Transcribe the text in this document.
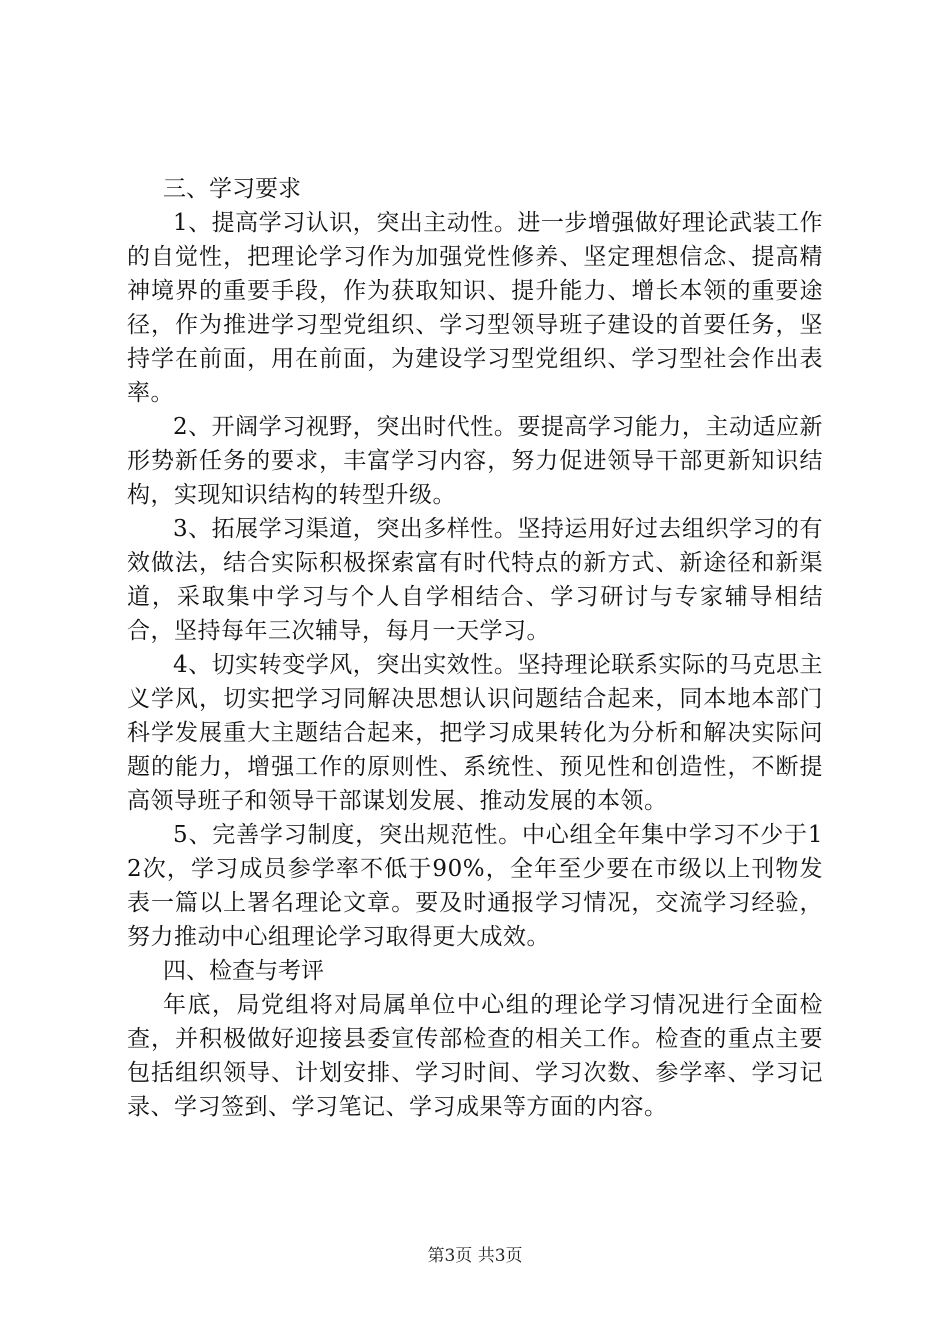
三、学习要求

1、提高学习认识，突出主动性。进一步增强做好理论武装工作的自觉性，把理论学习作为加强党性修养、坚定理想信念、提高精神境界的重要手段，作为获取知识、提升能力、增长本领的重要途径，作为推进学习型党组织、学习型领导班子建设的首要任务，坚持学在前面，用在前面，为建设学习型党组织、学习型社会作出表率。

2、开阔学习视野，突出时代性。要提高学习能力，主动适应新形势新任务的要求，丰富学习内容，努力促进领导干部更新知识结构，实现知识结构的转型升级。

3、拓展学习渠道，突出多样性。坚持运用好过去组织学习的有效做法，结合实际积极探索富有时代特点的新方式、新途径和新渠道，采取集中学习与个人自学相结合、学习研讨与专家辅导相结合，坚持每年三次辅导，每月一天学习。

4、切实转变学风，突出实效性。坚持理论联系实际的马克思主义学风，切实把学习同解决思想认识问题结合起来，同本地本部门科学发展重大主题结合起来，把学习成果转化为分析和解决实际问题的能力，增强工作的原则性、系统性、预见性和创造性，不断提高领导班子和领导干部谋划发展、推动发展的本领。

5、完善学习制度，突出规范性。中心组全年集中学习不少于12次，学习成员参学率不低于90%，全年至少要在市级以上刊物发表一篇以上署名理论文章。要及时通报学习情况，交流学习经验，努力推动中心组理论学习取得更大成效。

四、检查与考评

年底，局党组将对局属单位中心组的理论学习情况进行全面检查，并积极做好迎接县委宣传部检查的相关工作。检查的重点主要包括组织领导、计划安排、学习时间、学习次数、参学率、学习记录、学习签到、学习笔记、学习成果等方面的内容。

第3页 共3页
